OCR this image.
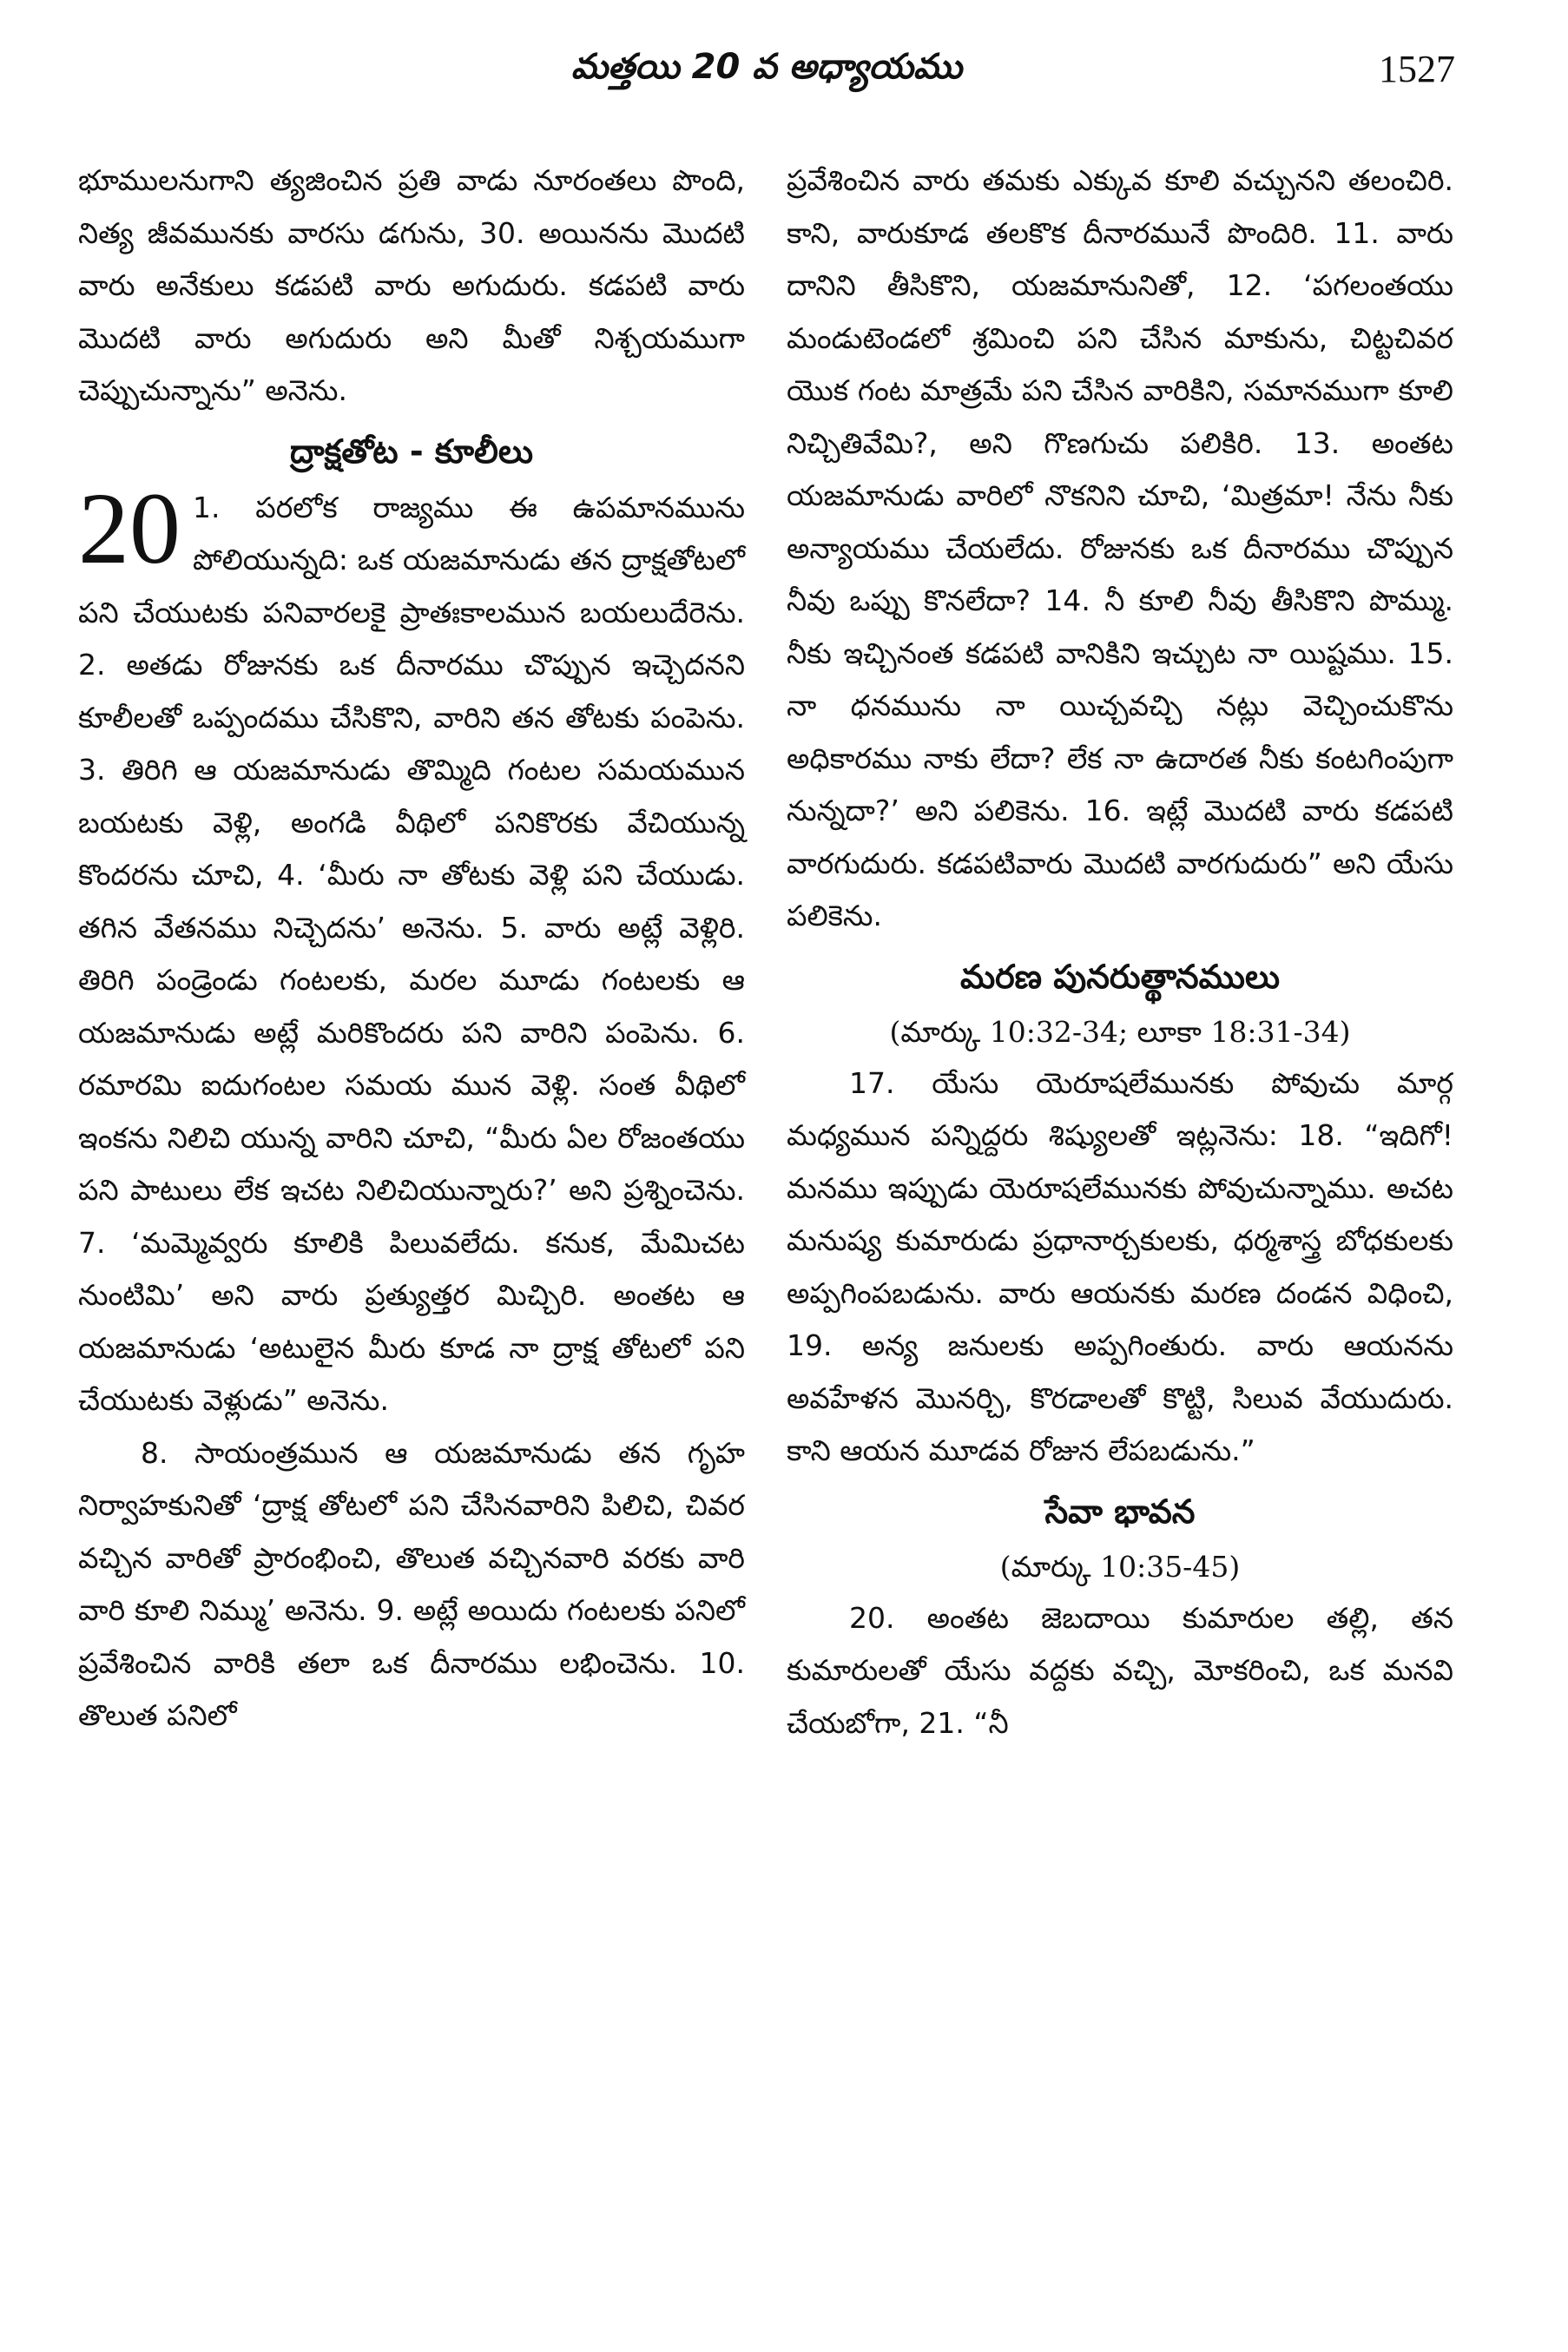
మత్తయి 20 వ అధ్యాయము	1527

భూములనుగాని త్యజించిన ప్రతి వాడు నూరంతలు పొంది, నిత్య జీవమునకు వారసు డగును, 30. అయినను మొదటి వారు అనేకులు కడపటి వారు అగుదురు. కడపటి వారు మొదటి వారు అగుదురు అని మీతో నిశ్చయముగా చెప్పుచున్నాను” అనెను.

ద్రాక్షతోట - కూలీలు
20 1. పరలోక రాజ్యము ఈ ఉపమానమును పోలియున్నది: ఒక యజమానుడు తన ద్రాక్షతోటలో పని చేయుటకు పనివారలకై ప్రాతఃకాలమున బయలుదేరెను. 2. అతడు రోజునకు ఒక దీనారము చొప్పున ఇచ్చెదనని కూలీలతో ఒప్పందము చేసికొని, వారిని తన తోటకు పంపెను. 3. తిరిగి ఆ యజమానుడు తొమ్మిది గంటల సమయమున బయటకు వెళ్లి, అంగడి వీథిలో పనికొరకు వేచియున్న కొందరను చూచి, 4. ‘మీరు నా తోటకు వెళ్లి పని చేయుడు. తగిన వేతనము నిచ్చెదను’ అనెను. 5. వారు అట్లే వెళ్లిరి. తిరిగి పండ్రెండు గంటలకు, మరల మూడు గంటలకు ఆ యజమానుడు అట్లే మరికొందరు పని వారిని పంపెను. 6. రమారమి ఐదుగంటల సమయ మున వెళ్లి. సంత వీథిలో ఇంకను నిలిచి యున్న వారిని చూచి, “మీరు ఏల రోజంతయు పని పాటులు లేక ఇచట నిలిచియున్నారు?’ అని ప్రశ్నించెను. 7. ‘మమ్మెవ్వరు కూలికి పిలువలేదు. కనుక, మేమిచట నుంటిమి’ అని వారు ప్రత్యుత్తర మిచ్చిరి. అంతట ఆ యజమానుడు ‘అటులైన మీరు కూడ నా ద్రాక్ష తోటలో పని చేయుటకు వెళ్లుడు” అనెను.

8. సాయంత్రమున ఆ యజమానుడు తన గృహ నిర్వాహకునితో ‘ద్రాక్ష తోటలో పని చేసినవారిని పిలిచి, చివర వచ్చిన వారితో ప్రారంభించి, తొలుత వచ్చినవారి వరకు వారి వారి కూలి నిమ్ము’ అనెను. 9. అట్లే అయిదు గంటలకు పనిలో ప్రవేశించిన వారికి తలా ఒక దీనారము లభించెను. 10. తొలుత పనిలో

ప్రవేశించిన వారు తమకు ఎక్కువ కూలి వచ్చునని తలంచిరి. కాని, వారుకూడ తలకొక దీనారమునే పొందిరి. 11. వారు దానిని తీసికొని, యజమానునితో, 12. ‘పగలంతయు మండుటెండలో శ్రమించి పని చేసిన మాకును, చిట్టచివర యొక గంట మాత్రమే పని చేసిన వారికిని, సమానముగా కూలి నిచ్చితివేమి?, అని గొణగుచు పలికిరి. 13. అంతట యజమానుడు వారిలో నొకనిని చూచి, ‘మిత్రమా! నేను నీకు అన్యాయము చేయలేదు. రోజునకు ఒక దీనారము చొప్పున నీవు ఒప్పు కొనలేదా? 14. నీ కూలి నీవు తీసికొని పొమ్ము. నీకు ఇచ్చినంత కడపటి వానికిని ఇచ్చుట నా యిష్టము. 15. నా ధనమును నా యిచ్చవచ్చి నట్లు వెచ్చించుకొను అధికారము నాకు లేదా? లేక నా ఉదారత నీకు కంటగింపుగా నున్నదా?’ అని పలికెను. 16. ఇట్లే మొదటి వారు కడపటి వారగుదురు. కడపటివారు మొదటి వారగుదురు” అని యేసు పలికెను.

మరణ పునరుత్థానములు
(మార్కు 10:32-34; లూకా 18:31-34)

17. యేసు యెరూషలేమునకు పోవుచు మార్గ మధ్యమున పన్నిద్దరు శిష్యులతో ఇట్లనెను: 18. “ఇదిగో! మనము ఇప్పుడు యెరూషలేమునకు పోవుచున్నాము. అచట మనుష్య కుమారుడు ప్రధానార్చకులకు, ధర్మశాస్త్ర బోధకులకు అప్పగింపబడును. వారు ఆయనకు మరణ దండన విధించి, 19. అన్య జనులకు అప్పగింతురు. వారు ఆయనను అవహేళన మొనర్చి, కొరడాలతో కొట్టి, సిలువ వేయుదురు. కాని ఆయన మూడవ రోజున లేపబడును.”

సేవా భావన
(మార్కు 10:35-45)

20. అంతట జెబదాయి కుమారుల తల్లి, తన కుమారులతో యేసు వద్దకు వచ్చి, మోకరించి, ఒక మనవి చేయబోగా, 21. “నీ
